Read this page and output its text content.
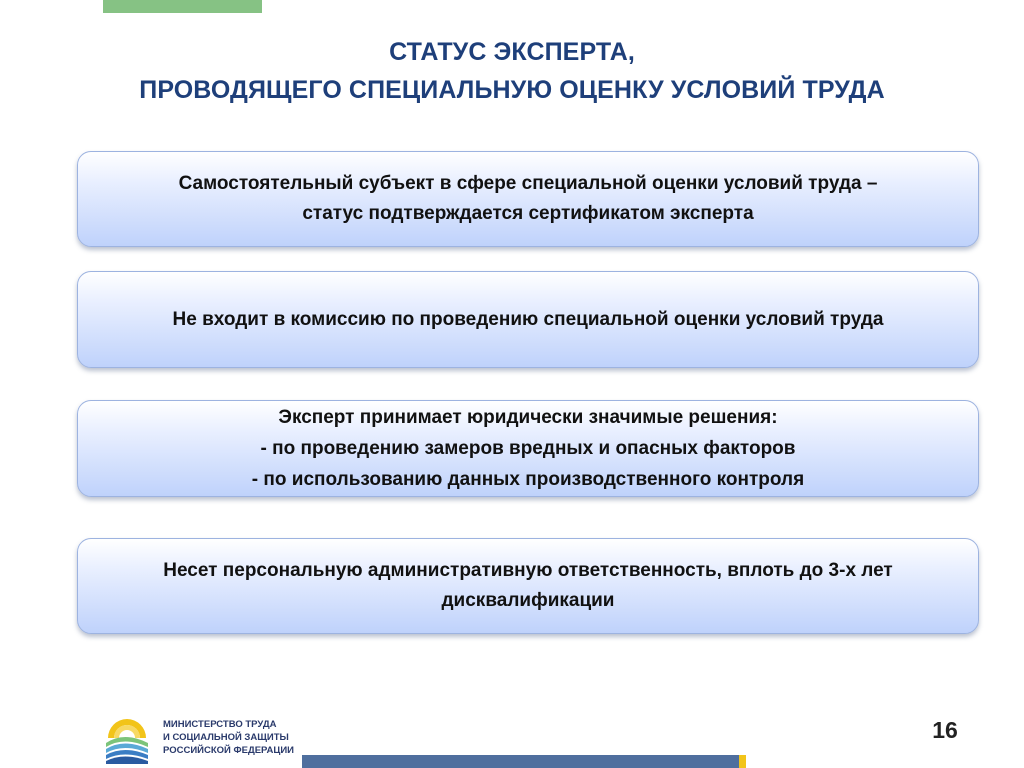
СТАТУС ЭКСПЕРТА,
ПРОВОДЯЩЕГО СПЕЦИАЛЬНУЮ ОЦЕНКУ УСЛОВИЙ ТРУДА
Самостоятельный субъект в сфере специальной оценки условий труда –
статус подтверждается сертификатом эксперта
Не входит в комиссию по проведению специальной оценки условий труда
Эксперт принимает юридически значимые решения:
- по проведению замеров вредных и опасных факторов
- по использованию данных производственного контроля
Несет персональную административную ответственность, вплоть до 3-х лет
дисквалификации
МИНИСТЕРСТВО ТРУДА
И СОЦИАЛЬНОЙ ЗАЩИТЫ
РОССИЙСКОЙ ФЕДЕРАЦИИ
16
